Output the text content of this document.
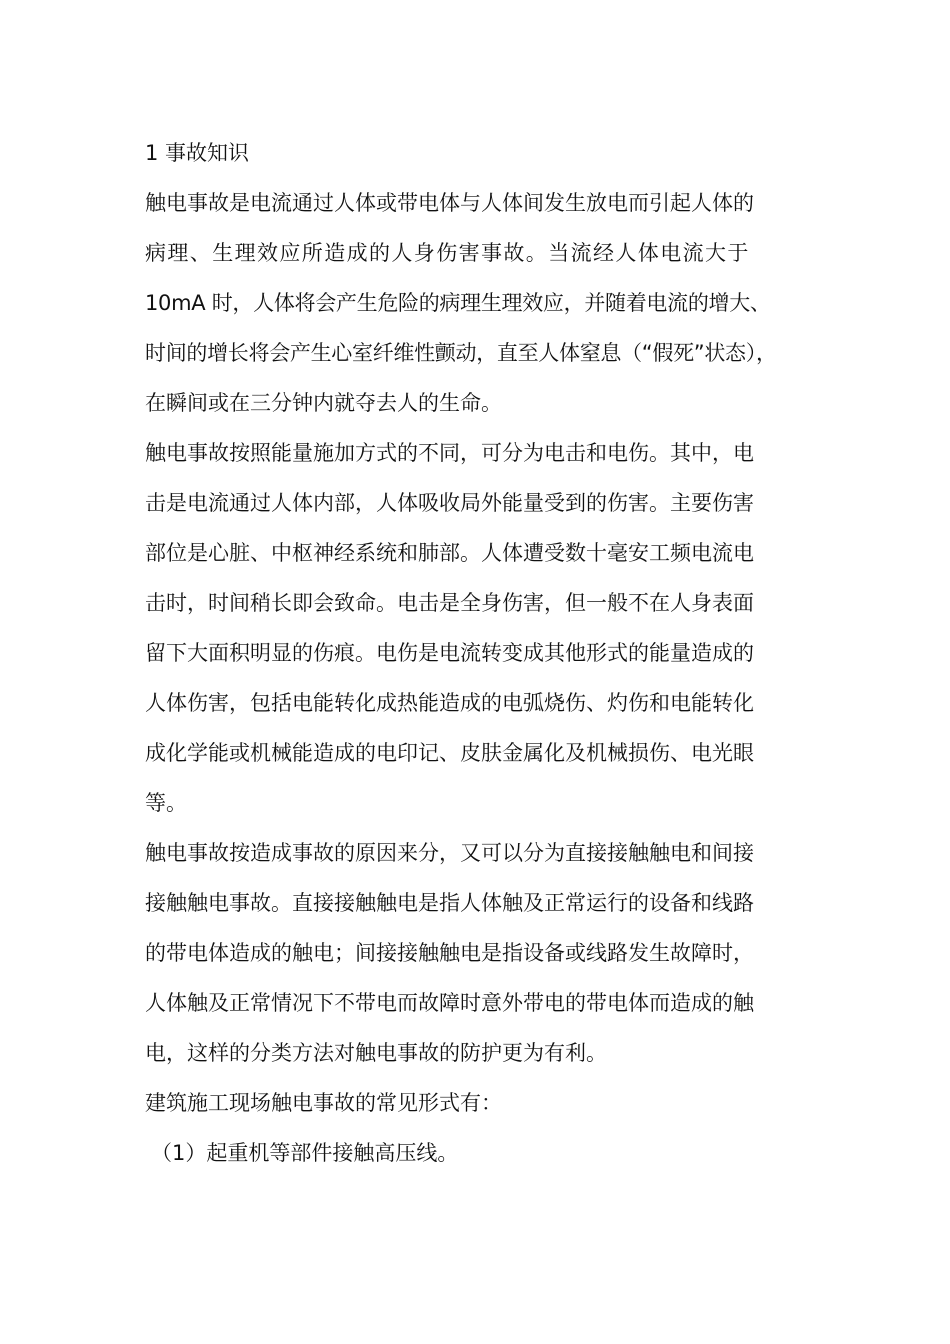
1 事故知识
触电事故是电流通过人体或带电体与人体间发生放电而引起人体的
病理、生理效应所造成的人身伤害事故。当流经人体电流大于
10mA 时，人体将会产生危险的病理生理效应，并随着电流的增大、
时间的增长将会产生心室纤维性颤动，直至人体窒息（“假死”状态），
在瞬间或在三分钟内就夺去人的生命。
触电事故按照能量施加方式的不同，可分为电击和电伤。其中，电
击是电流通过人体内部，人体吸收局外能量受到的伤害。主要伤害
部位是心脏、中枢神经系统和肺部。人体遭受数十毫安工频电流电
击时，时间稍长即会致命。电击是全身伤害，但一般不在人身表面
留下大面积明显的伤痕。电伤是电流转变成其他形式的能量造成的
人体伤害，包括电能转化成热能造成的电弧烧伤、灼伤和电能转化
成化学能或机械能造成的电印记、皮肤金属化及机械损伤、电光眼
等。
触电事故按造成事故的原因来分，又可以分为直接接触触电和间接
接触触电事故。直接接触触电是指人体触及正常运行的设备和线路
的带电体造成的触电；间接接触触电是指设备或线路发生故障时，
人体触及正常情况下不带电而故障时意外带电的带电体而造成的触
电，这样的分类方法对触电事故的防护更为有利。
建筑施工现场触电事故的常见形式有：
（1）起重机等部件接触高压线。
